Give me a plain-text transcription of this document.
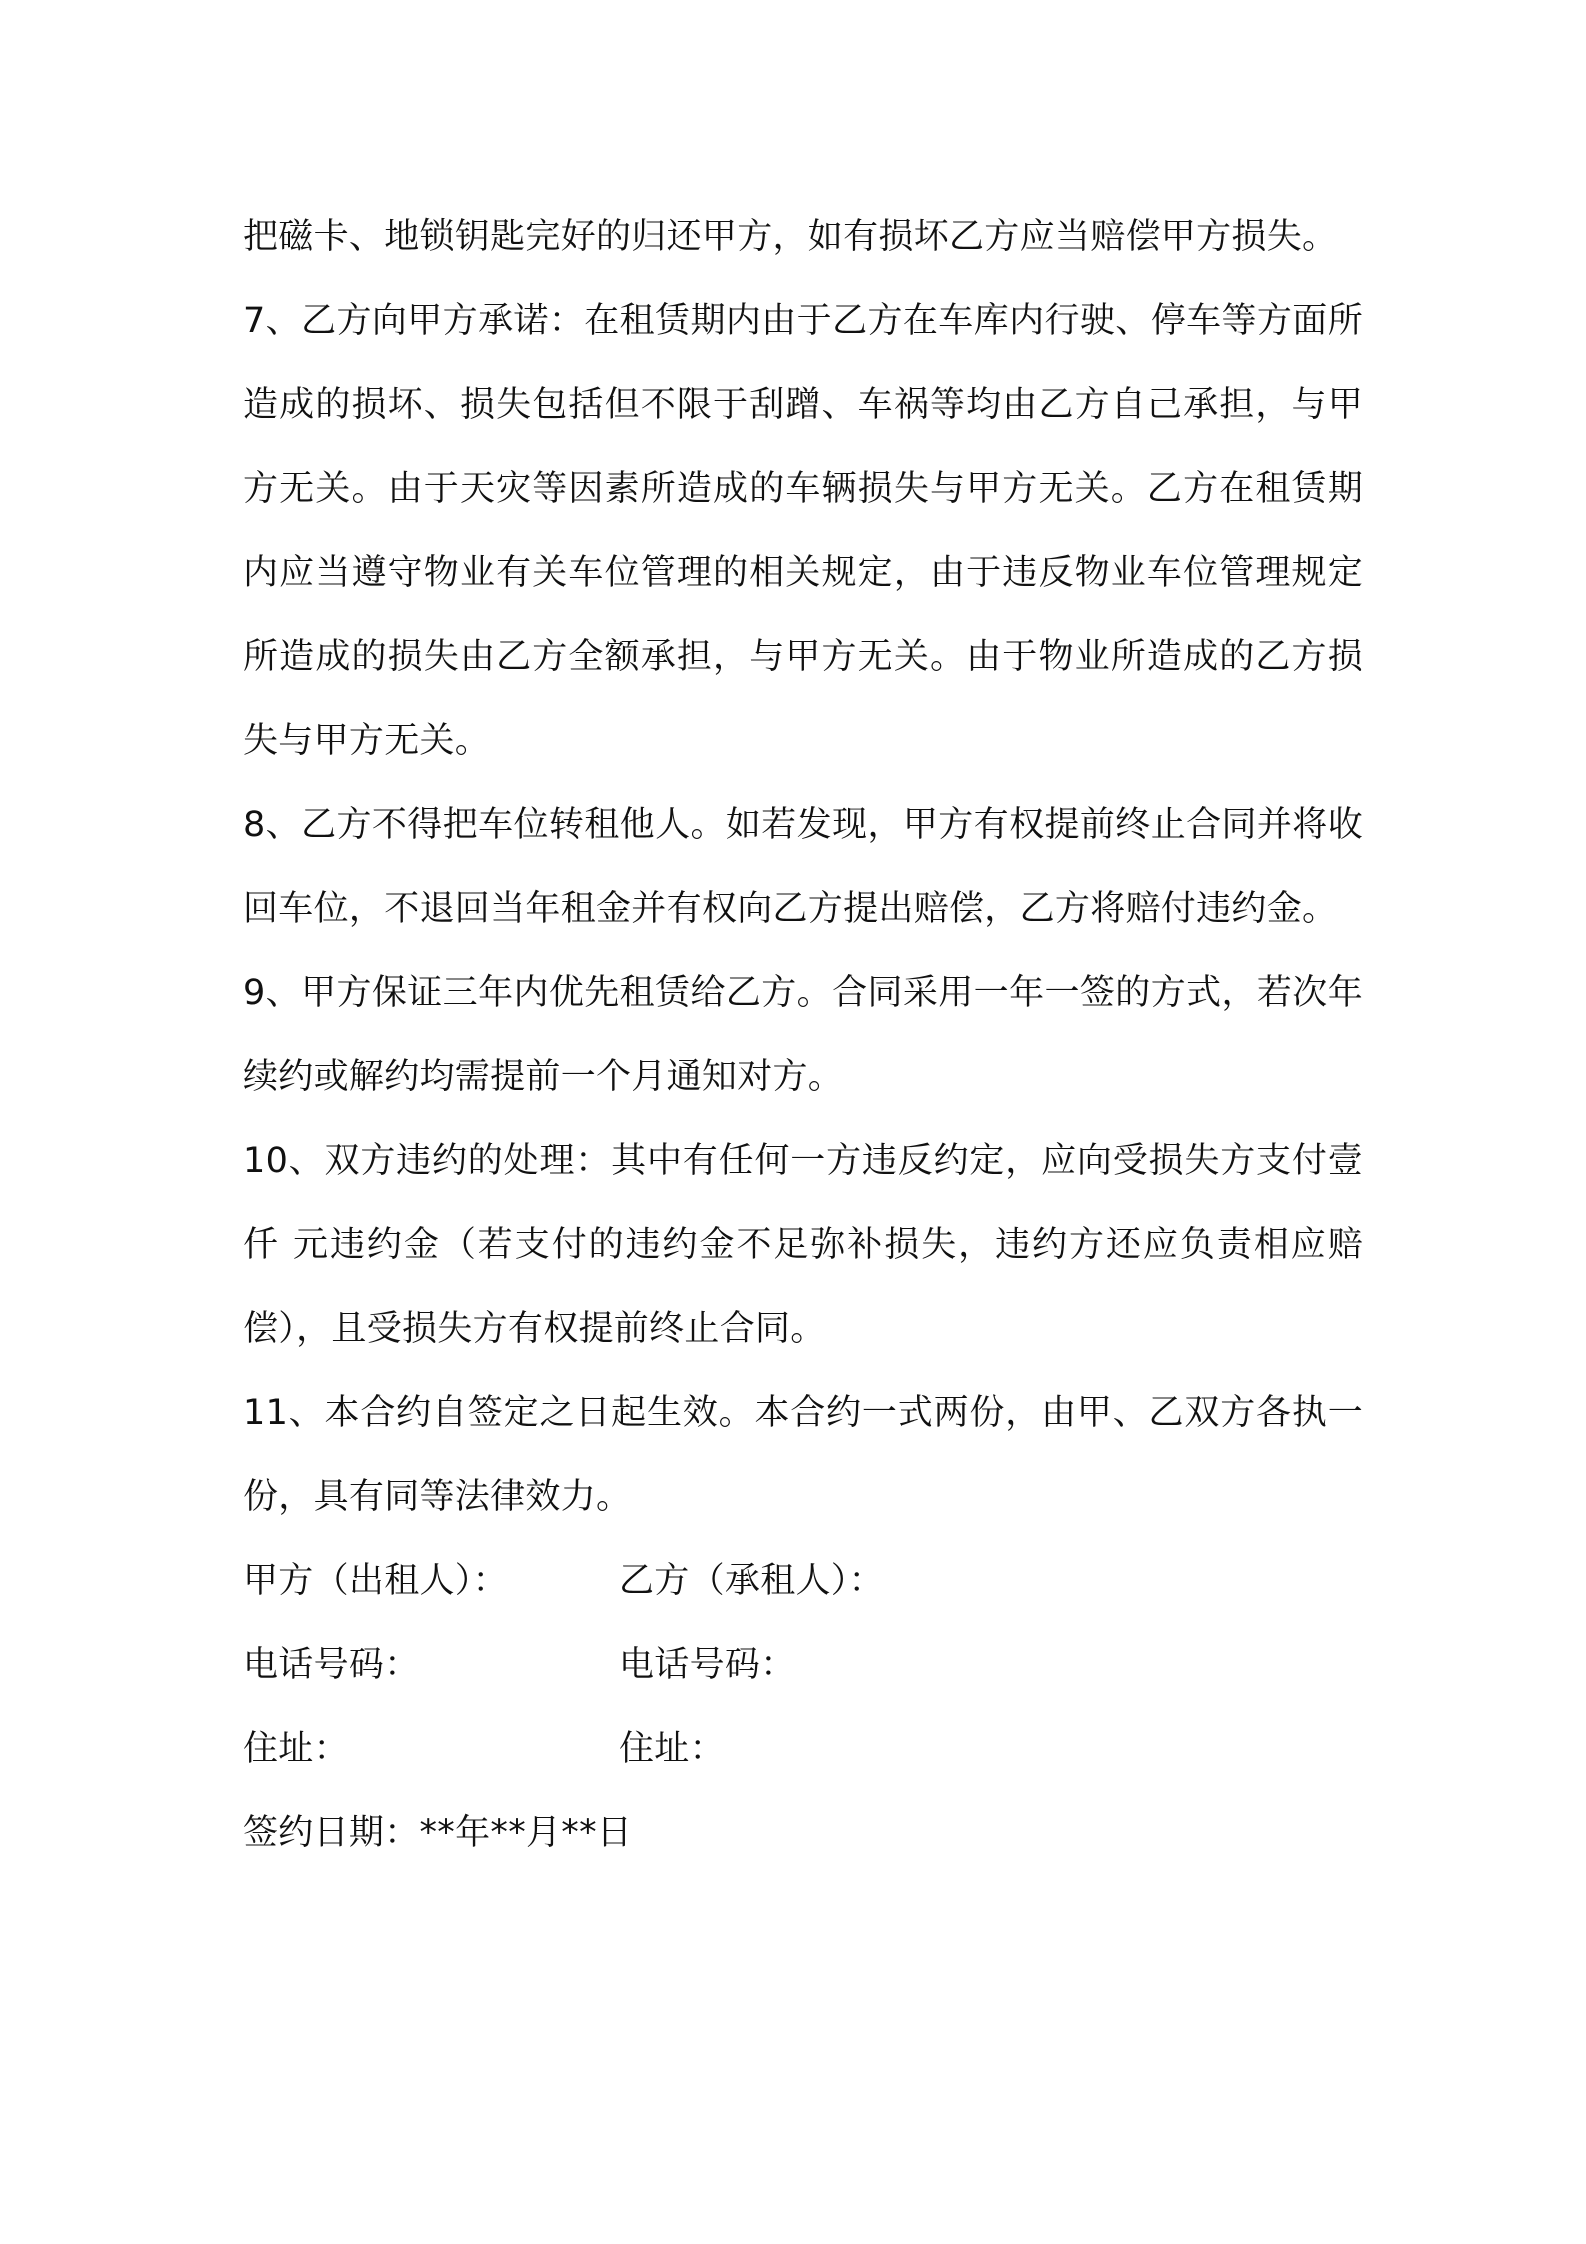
把磁卡、地锁钥匙完好的归还甲方，如有损坏乙方应当赔偿甲方损失。

7、乙方向甲方承诺：在租赁期内由于乙方在车库内行驶、停车等方面所造成的损坏、损失包括但不限于刮蹭、车祸等均由乙方自己承担，与甲方无关。由于天灾等因素所造成的车辆损失与甲方无关。乙方在租赁期内应当遵守物业有关车位管理的相关规定，由于违反物业车位管理规定所造成的损失由乙方全额承担，与甲方无关。由于物业所造成的乙方损失与甲方无关。

8、乙方不得把车位转租他人。如若发现，甲方有权提前终止合同并将收回车位，不退回当年租金并有权向乙方提出赔偿，乙方将赔付违约金。

9、甲方保证三年内优先租赁给乙方。合同采用一年一签的方式，若次年续约或解约均需提前一个月通知对方。

10、双方违约的处理：其中有任何一方违反约定，应向受损失方支付壹仟 元违约金（若支付的违约金不足弥补损失，违约方还应负责相应赔偿），且受损失方有权提前终止合同。

11、本合约自签定之日起生效。本合约一式两份，由甲、乙双方各执一份，具有同等法律效力。

甲方（出租人）：	乙方（承租人）：
电话号码：	电话号码：
住址：	住址：
签约日期：**年**月**日
